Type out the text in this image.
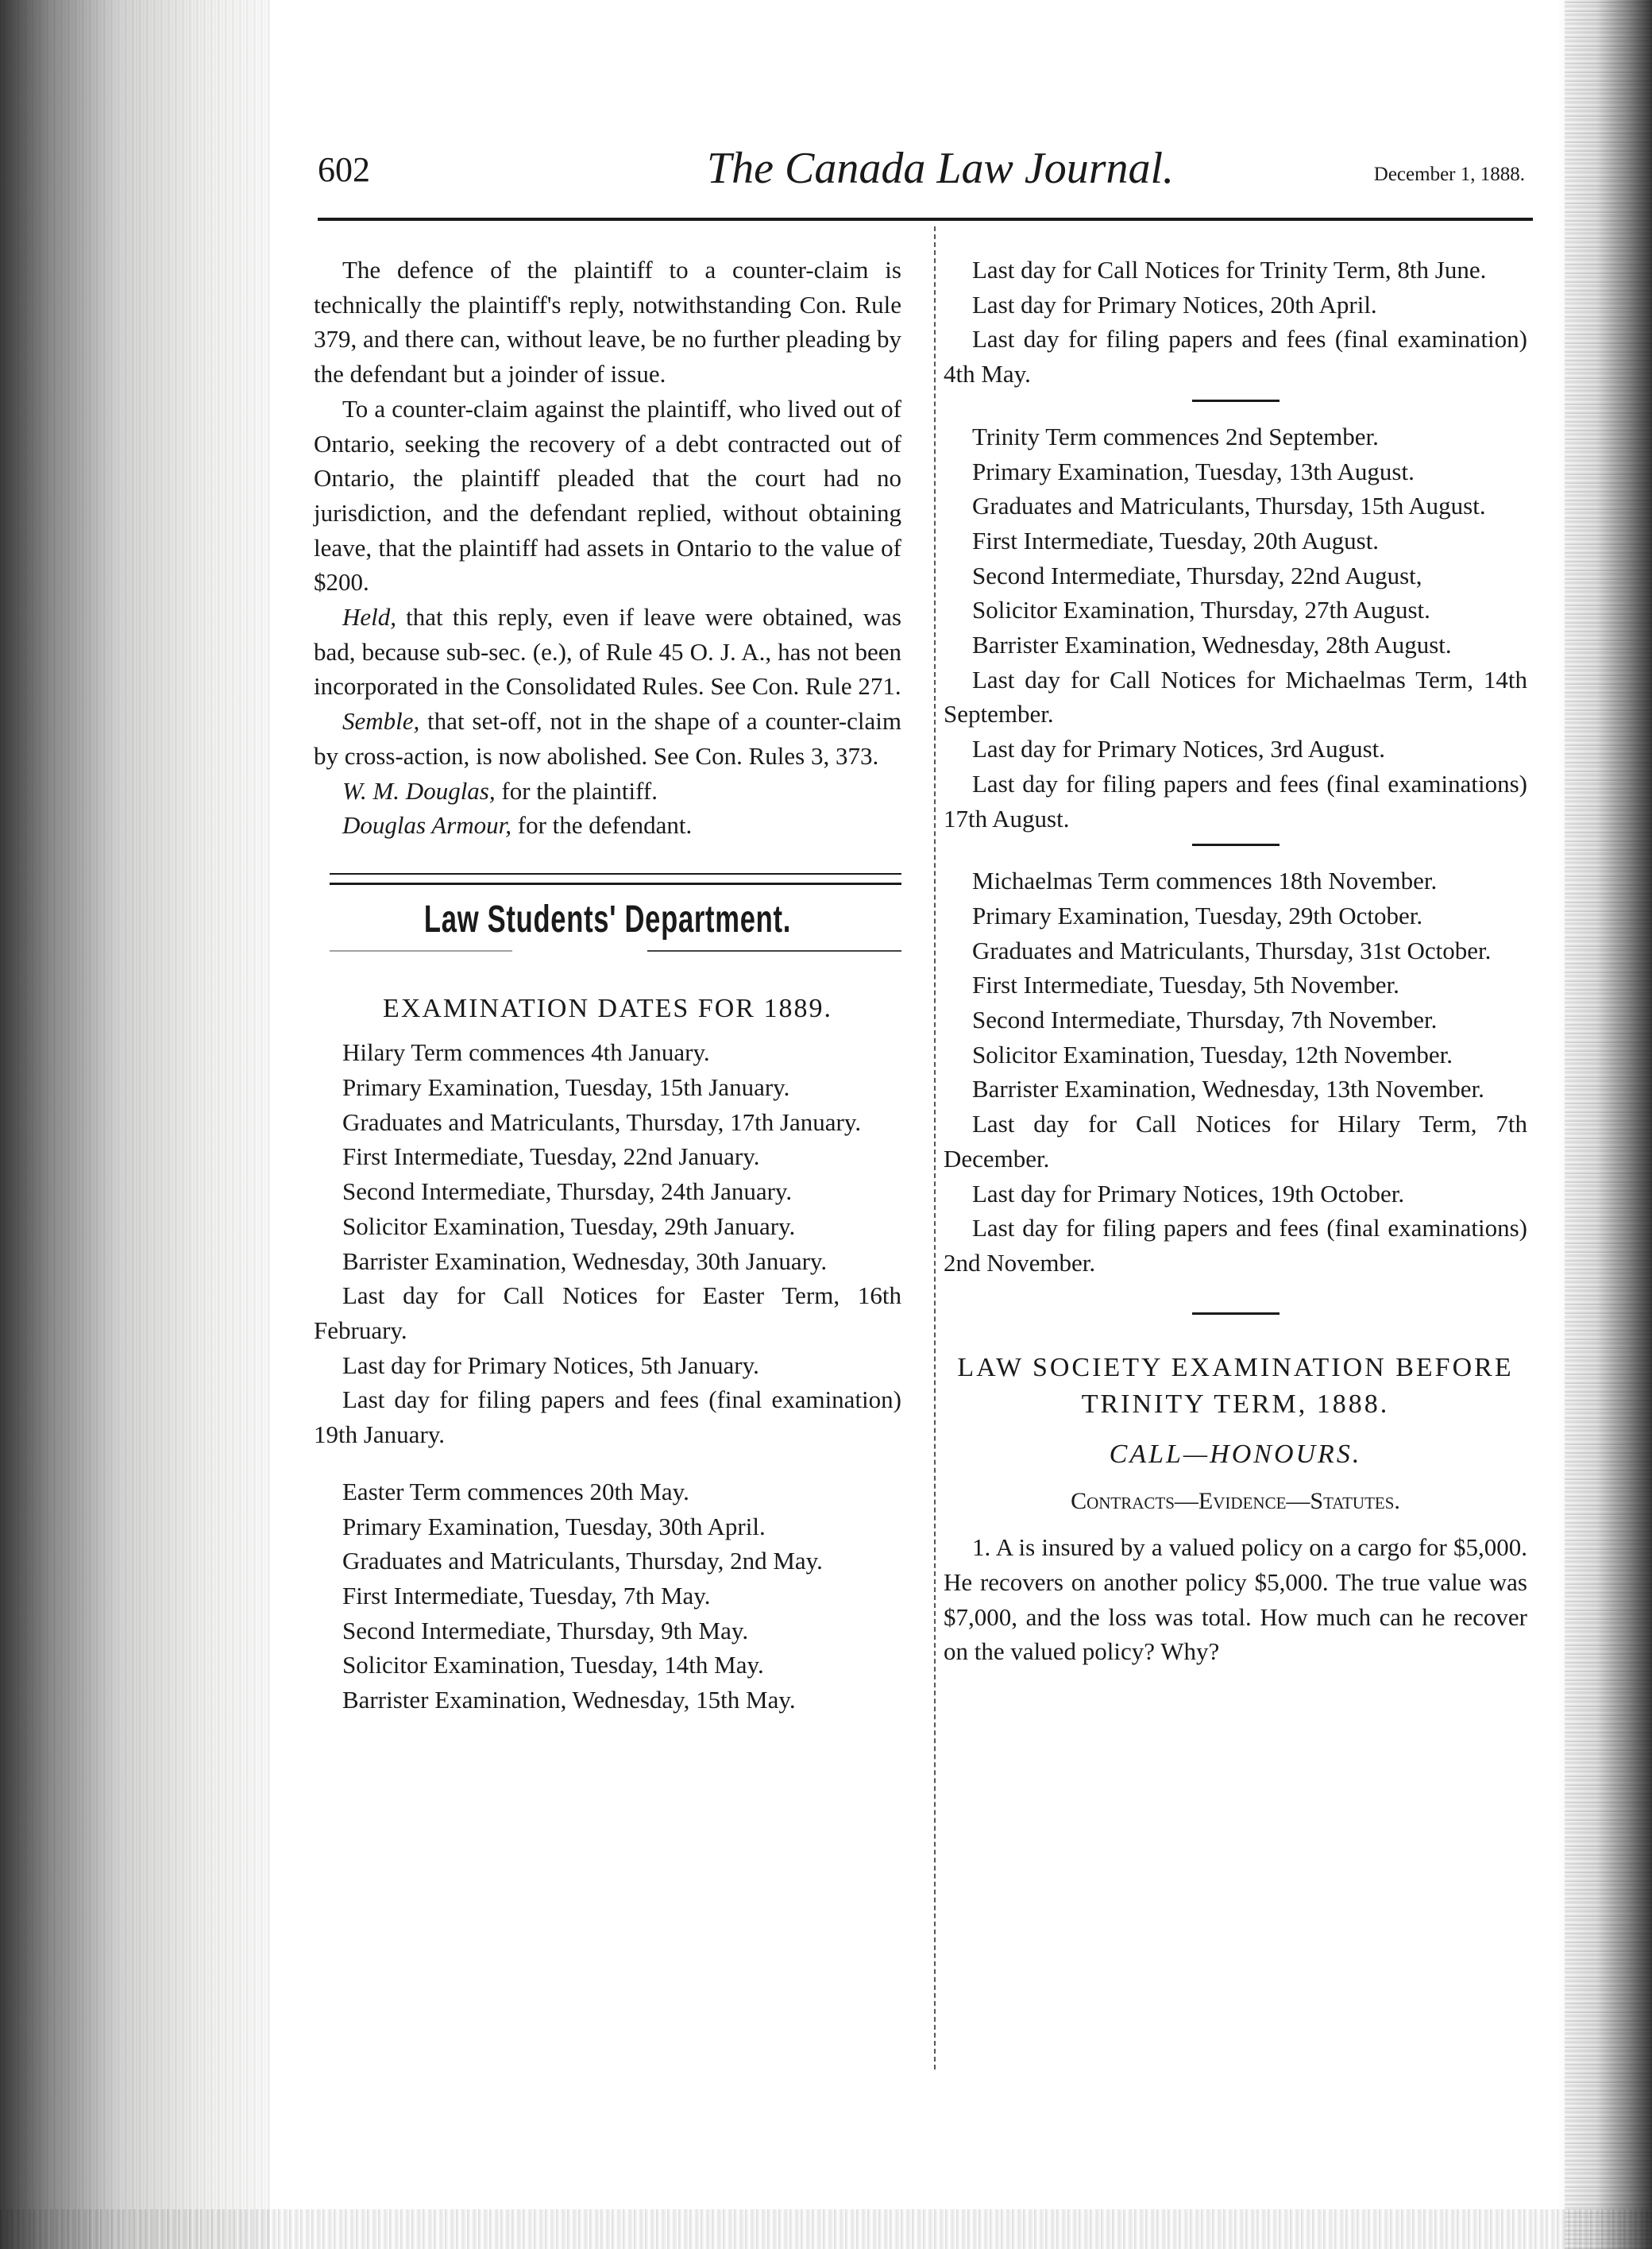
602	The Canada Law Journal.	December 1, 1888.

The defence of the plaintiff to a counter-claim is technically the plaintiff's reply, notwithstanding Con. Rule 379, and there can, without leave, be no further pleading by the defendant but a joinder of issue.

To a counter-claim against the plaintiff, who lived out of Ontario, seeking the recovery of a debt contracted out of Ontario, the plaintiff pleaded that the court had no jurisdiction, and the defendant replied, without obtaining leave, that the plaintiff had assets in Ontario to the value of $200.

Held, that this reply, even if leave were obtained, was bad, because sub-sec. (e.), of Rule 45 O. J. A., has not been incorporated in the Consolidated Rules. See Con. Rule 271.

Semble, that set-off, not in the shape of a counter-claim by cross-action, is now abolished. See Con. Rules 3, 373.

W. M. Douglas, for the plaintiff.

Douglas Armour, for the defendant.

Law Students' Department.
EXAMINATION DATES FOR 1889.

Hilary Term commences 4th January.

Primary Examination, Tuesday, 15th January.

Graduates and Matriculants, Thursday, 17th January.

First Intermediate, Tuesday, 22nd January.

Second Intermediate, Thursday, 24th January.

Solicitor Examination, Tuesday, 29th January.

Barrister Examination, Wednesday, 30th January.

Last day for Call Notices for Easter Term, 16th February.

Last day for Primary Notices, 5th January.

Last day for filing papers and fees (final examination) 19th January.

Easter Term commences 20th May.

Primary Examination, Tuesday, 30th April.

Graduates and Matriculants, Thursday, 2nd May.

First Intermediate, Tuesday, 7th May.

Second Intermediate, Thursday, 9th May.

Solicitor Examination, Tuesday, 14th May.

Barrister Examination, Wednesday, 15th May.

Last day for Call Notices for Trinity Term, 8th June.

Last day for Primary Notices, 20th April.

Last day for filing papers and fees (final examination) 4th May.

Trinity Term commences 2nd September.

Primary Examination, Tuesday, 13th August.

Graduates and Matriculants, Thursday, 15th August.

First Intermediate, Tuesday, 20th August.

Second Intermediate, Thursday, 22nd August,

Solicitor Examination, Thursday, 27th August.

Barrister Examination, Wednesday, 28th August.

Last day for Call Notices for Michaelmas Term, 14th September.

Last day for Primary Notices, 3rd August.

Last day for filing papers and fees (final examinations) 17th August.

Michaelmas Term commences 18th November.

Primary Examination, Tuesday, 29th October.

Graduates and Matriculants, Thursday, 31st October.

First Intermediate, Tuesday, 5th November.

Second Intermediate, Thursday, 7th November.

Solicitor Examination, Tuesday, 12th November.

Barrister Examination, Wednesday, 13th November.

Last day for Call Notices for Hilary Term, 7th December.

Last day for Primary Notices, 19th October.

Last day for filing papers and fees (final examinations) 2nd November.

LAW SOCIETY EXAMINATION BEFORE TRINITY TERM, 1888.
CALL—HONOURS.
Contracts—Evidence—Statutes.

1. A is insured by a valued policy on a cargo for $5,000. He recovers on another policy $5,000. The true value was $7,000, and the loss was total. How much can he recover on the valued policy? Why?
